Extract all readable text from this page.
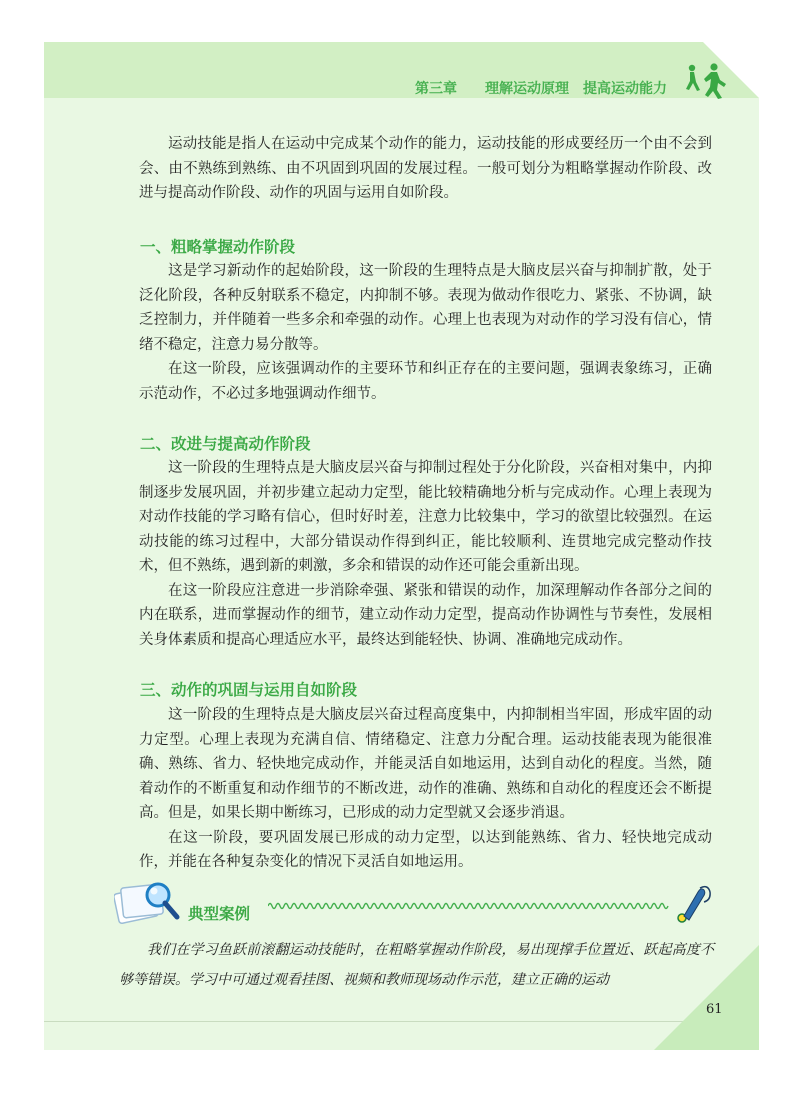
第三章 理解运动原理　提高运动能力

运动技能是指人在运动中完成某个动作的能力，运动技能的形成要经历一个由不会到会、由不熟练到熟练、由不巩固到巩固的发展过程。一般可划分为粗略掌握动作阶段、改进与提高动作阶段、动作的巩固与运用自如阶段。

一、粗略掌握动作阶段

这是学习新动作的起始阶段，这一阶段的生理特点是大脑皮层兴奋与抑制扩散，处于泛化阶段，各种反射联系不稳定，内抑制不够。表现为做动作很吃力、紧张、不协调，缺乏控制力，并伴随着一些多余和牵强的动作。心理上也表现为对动作的学习没有信心，情绪不稳定，注意力易分散等。

在这一阶段，应该强调动作的主要环节和纠正存在的主要问题，强调表象练习，正确示范动作，不必过多地强调动作细节。

二、改进与提高动作阶段

这一阶段的生理特点是大脑皮层兴奋与抑制过程处于分化阶段，兴奋相对集中，内抑制逐步发展巩固，并初步建立起动力定型，能比较精确地分析与完成动作。心理上表现为对动作技能的学习略有信心，但时好时差，注意力比较集中，学习的欲望比较强烈。在运动技能的练习过程中，大部分错误动作得到纠正，能比较顺利、连贯地完成完整动作技术，但不熟练，遇到新的刺激，多余和错误的动作还可能会重新出现。

在这一阶段应注意进一步消除牵强、紧张和错误的动作，加深理解动作各部分之间的内在联系，进而掌握动作的细节，建立动作动力定型，提高动作协调性与节奏性，发展相关身体素质和提高心理适应水平，最终达到能轻快、协调、准确地完成动作。

三、动作的巩固与运用自如阶段

这一阶段的生理特点是大脑皮层兴奋过程高度集中，内抑制相当牢固，形成牢固的动力定型。心理上表现为充满自信、情绪稳定、注意力分配合理。运动技能表现为能很准确、熟练、省力、轻快地完成动作，并能灵活自如地运用，达到自动化的程度。当然，随着动作的不断重复和动作细节的不断改进，动作的准确、熟练和自动化的程度还会不断提高。但是，如果长期中断练习，已形成的动力定型就又会逐步消退。

在这一阶段，要巩固发展已形成的动力定型，以达到能熟练、省力、轻快地完成动作，并能在各种复杂变化的情况下灵活自如地运用。

典型案例

我们在学习鱼跃前滚翻运动技能时，在粗略掌握动作阶段，易出现撑手位置近、跃起高度不够等错误。学习中可通过观看挂图、视频和教师现场动作示范，建立正确的运动

61
